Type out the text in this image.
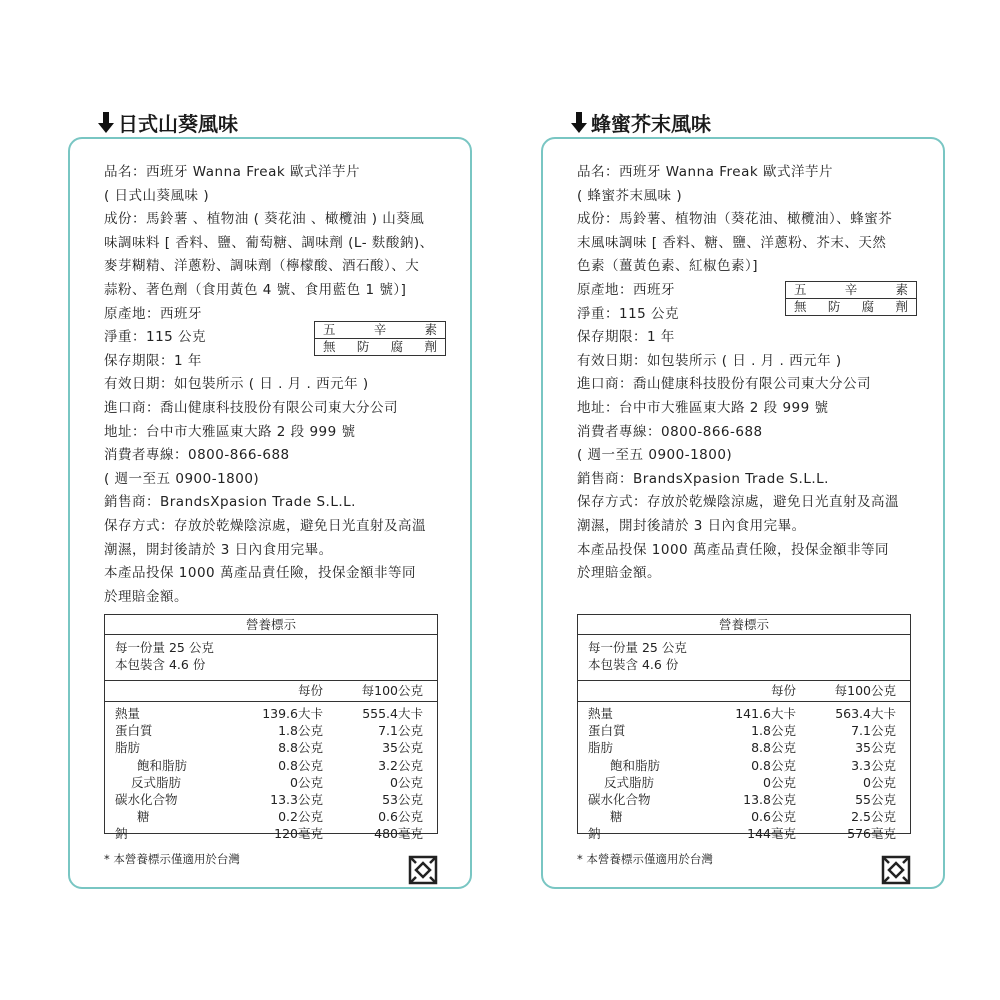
日式山葵風味
品名：西班牙 Wanna Freak 歐式洋芋片
( 日式山葵風味 )
成份：馬鈴薯 、植物油 ( 葵花油 、橄欖油 ) 山葵風
味調味料 [ 香料、鹽、葡萄糖、調味劑 (L- 麩酸鈉)、
麥芽糊精、洋蔥粉、調味劑（檸檬酸、酒石酸）、大
蒜粉、著色劑（食用黃色 4 號、食用藍色 1 號）]
原產地：西班牙
淨重：115 公克
保存期限：1 年
有效日期：如包裝所示 ( 日 . 月 . 西元年 )
進口商：喬山健康科技股份有限公司東大分公司
地址：台中市大雅區東大路 2 段 999 號
消費者專線：0800-866-688
( 週一至五 0900-1800)
銷售商：BrandsXpasion Trade S.L.L.
保存方式：存放於乾燥陰涼處，避免日光直射及高溫
潮濕，開封後請於 3 日內食用完畢。
本產品投保 1000 萬產品責任險，投保金額非等同
於理賠金額。
五	辛	素
無 防 腐 劑
營養標示
每一份量 25 公克
本包裝含 4.6 份
每份	每100公克
熱量	139.6大卡	555.4大卡
蛋白質	1.8公克	7.1公克
脂肪	8.8公克	35公克
飽和脂肪	0.8公克	3.2公克
反式脂肪	0公克	0公克
碳水化合物	13.3公克	53公克
糖	0.2公克	0.6公克
鈉	120毫克	480毫克
* 本營養標示僅適用於台灣
蜂蜜芥末風味
品名：西班牙 Wanna Freak 歐式洋芋片
( 蜂蜜芥末風味 )
成份：馬鈴薯、植物油（葵花油、橄欖油）、蜂蜜芥
末風味調味 [ 香料、糖、鹽、洋蔥粉、芥末、天然
色素（薑黃色素、紅椒色素）]
原產地：西班牙
淨重：115 公克
保存期限：1 年
有效日期：如包裝所示 ( 日 . 月 . 西元年 )
進口商：喬山健康科技股份有限公司東大分公司
地址：台中市大雅區東大路 2 段 999 號
消費者專線：0800-866-688
( 週一至五 0900-1800)
銷售商：BrandsXpasion Trade S.L.L.
保存方式：存放於乾燥陰涼處，避免日光直射及高溫
潮濕，開封後請於 3 日內食用完畢。
本產品投保 1000 萬產品責任險，投保金額非等同
於理賠金額。
五	辛	素
無 防 腐 劑
營養標示
每一份量 25 公克
本包裝含 4.6 份
每份	每100公克
熱量	141.6大卡	563.4大卡
蛋白質	1.8公克	7.1公克
脂肪	8.8公克	35公克
飽和脂肪	0.8公克	3.3公克
反式脂肪	0公克	0公克
碳水化合物	13.8公克	55公克
糖	0.6公克	2.5公克
鈉	144毫克	576毫克
* 本營養標示僅適用於台灣
